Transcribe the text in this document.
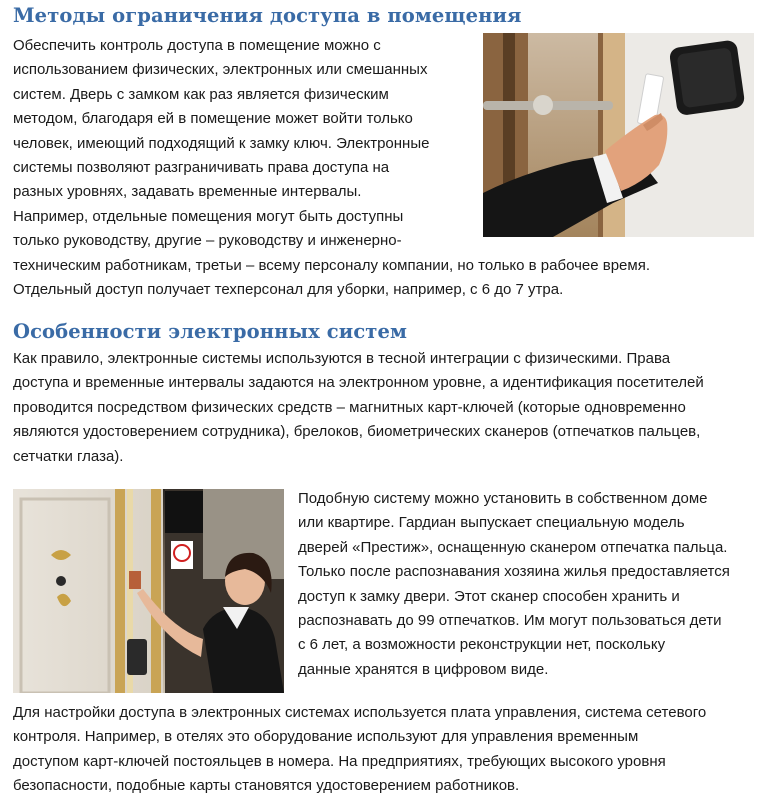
Методы ограничения доступа в помещения
Обеспечить контроль доступа в помещение можно с
использованием физических, электронных или смешанных
систем. Дверь с замком как раз является физическим
методом, благодаря ей в помещение может войти только
человек, имеющий подходящий к замку ключ. Электронные
системы позволяют разграничивать права доступа на
разных уровнях, задавать временные интервалы.
Например, отдельные помещения могут быть доступны
только руководству, другие – руководству и инженерно-
техническим работникам, третьи – всему персоналу компании, но только в рабочее время.
Отдельный доступ получает техперсонал для уборки, например, с 6 до 7 утра.
Особенности электронных систем
Как правило, электронные системы используются в тесной интеграции с физическими. Права
доступа и временные интервалы задаются на электронном уровне, а идентификация посетителей
проводится посредством физических средств – магнитных карт-ключей (которые одновременно
являются удостоверением сотрудника), брелоков, биометрических сканеров (отпечатков пальцев,
сетчатки глаза).
Подобную систему можно установить в собственном доме
или квартире. Гардиан выпускает специальную модель
дверей «Престиж», оснащенную сканером отпечатка пальца.
Только после распознавания хозяина жилья предоставляется
доступ к замку двери. Этот сканер способен хранить и
распознавать до 99 отпечатков. Им могут пользоваться дети
с 6 лет, а возможности реконструкции нет, поскольку
данные хранятся в цифровом виде.
Для настройки доступа в электронных системах используется плата управления, система сетевого
контроля. Например, в отелях это оборудование используют для управления временным
доступом карт-ключей постояльцев в номера. На предприятиях, требующих высокого уровня
безопасности, подобные карты становятся удостоверением работников.
